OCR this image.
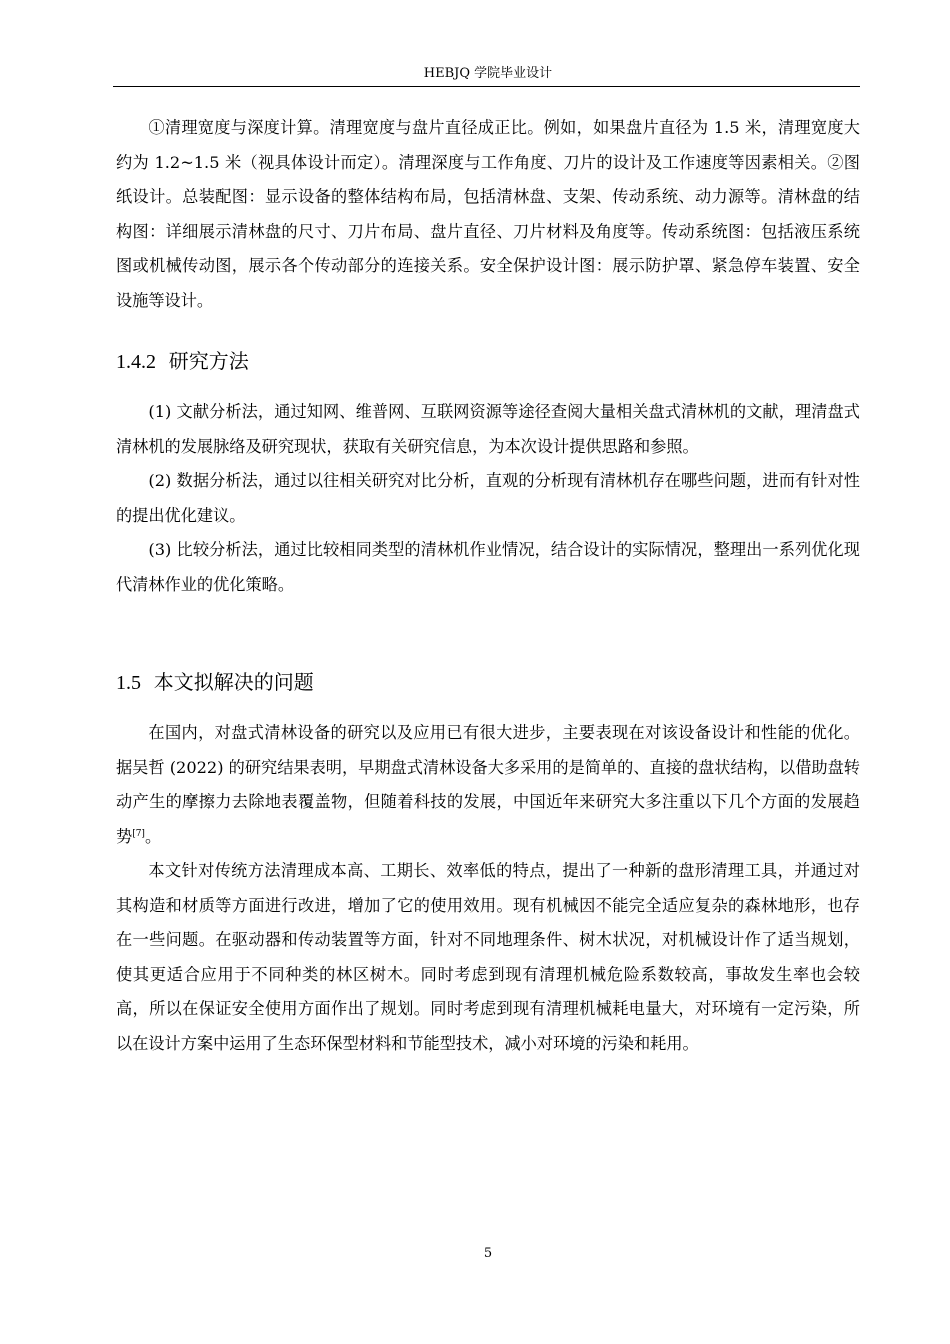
HEBJQ 学院毕业设计

①清理宽度与深度计算。清理宽度与盘片直径成正比。例如，如果盘片直径为 1.5 米，清理宽度大约为 1.2~1.5 米（视具体设计而定）。清理深度与工作角度、刀片的设计及工作速度等因素相关。②图纸设计。总装配图：显示设备的整体结构布局，包括清林盘、支架、传动系统、动力源等。清林盘的结构图：详细展示清林盘的尺寸、刀片布局、盘片直径、刀片材料及角度等。传动系统图：包括液压系统图或机械传动图，展示各个传动部分的连接关系。安全保护设计图：展示防护罩、紧急停车装置、安全设施等设计。

1.4.2 研究方法

(1) 文献分析法，通过知网、维普网、互联网资源等途径查阅大量相关盘式清林机的文献，理清盘式清林机的发展脉络及研究现状，获取有关研究信息，为本次设计提供思路和参照。

(2) 数据分析法，通过以往相关研究对比分析，直观的分析现有清林机存在哪些问题，进而有针对性的提出优化建议。

(3) 比较分析法，通过比较相同类型的清林机作业情况，结合设计的实际情况，整理出一系列优化现代清林作业的优化策略。

1.5 本文拟解决的问题

在国内，对盘式清林设备的研究以及应用已有很大进步，主要表现在对该设备设计和性能的优化。据吴哲 (2022) 的研究结果表明，早期盘式清林设备大多采用的是简单的、直接的盘状结构，以借助盘转动产生的摩擦力去除地表覆盖物，但随着科技的发展，中国近年来研究大多注重以下几个方面的发展趋势[7]。

本文针对传统方法清理成本高、工期长、效率低的特点，提出了一种新的盘形清理工具，并通过对其构造和材质等方面进行改进，增加了它的使用效用。现有机械因不能完全适应复杂的森林地形，也存在一些问题。在驱动器和传动装置等方面，针对不同地理条件、树木状况，对机械设计作了适当规划，使其更适合应用于不同种类的林区树木。同时考虑到现有清理机械危险系数较高，事故发生率也会较高，所以在保证安全使用方面作出了规划。同时考虑到现有清理机械耗电量大，对环境有一定污染，所以在设计方案中运用了生态环保型材料和节能型技术，减小对环境的污染和耗用。

5
